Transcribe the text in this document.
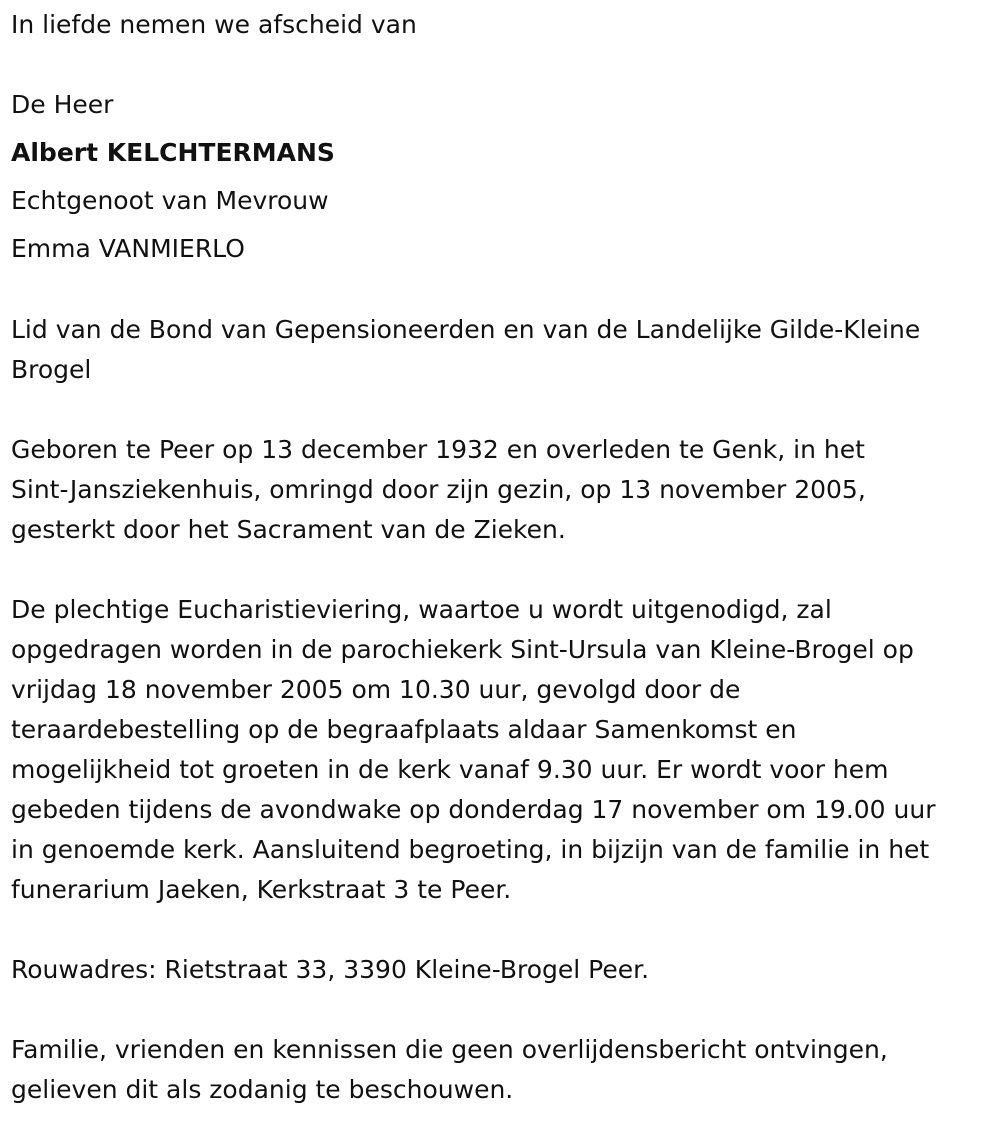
In liefde nemen we afscheid van
De Heer
Albert KELCHTERMANS
Echtgenoot van Mevrouw
Emma VANMIERLO
Lid van de Bond van Gepensioneerden en van de Landelijke Gilde-Kleine
Brogel
Geboren te Peer op 13 december 1932 en overleden te Genk, in het
Sint-Jansziekenhuis, omringd door zijn gezin, op 13 november 2005,
gesterkt door het Sacrament van de Zieken.
De plechtige Eucharistieviering, waartoe u wordt uitgenodigd, zal
opgedragen worden in de parochiekerk Sint-Ursula van Kleine-Brogel op
vrijdag 18 november 2005 om 10.30 uur, gevolgd door de
teraardebestelling op de begraafplaats aldaar Samenkomst en
mogelijkheid tot groeten in de kerk vanaf 9.30 uur. Er wordt voor hem
gebeden tijdens de avondwake op donderdag 17 november om 19.00 uur
in genoemde kerk. Aansluitend begroeting, in bijzijn van de familie in het
funerarium Jaeken, Kerkstraat 3 te Peer.
Rouwadres: Rietstraat 33, 3390 Kleine-Brogel Peer.
Familie, vrienden en kennissen die geen overlijdensbericht ontvingen,
gelieven dit als zodanig te beschouwen.
